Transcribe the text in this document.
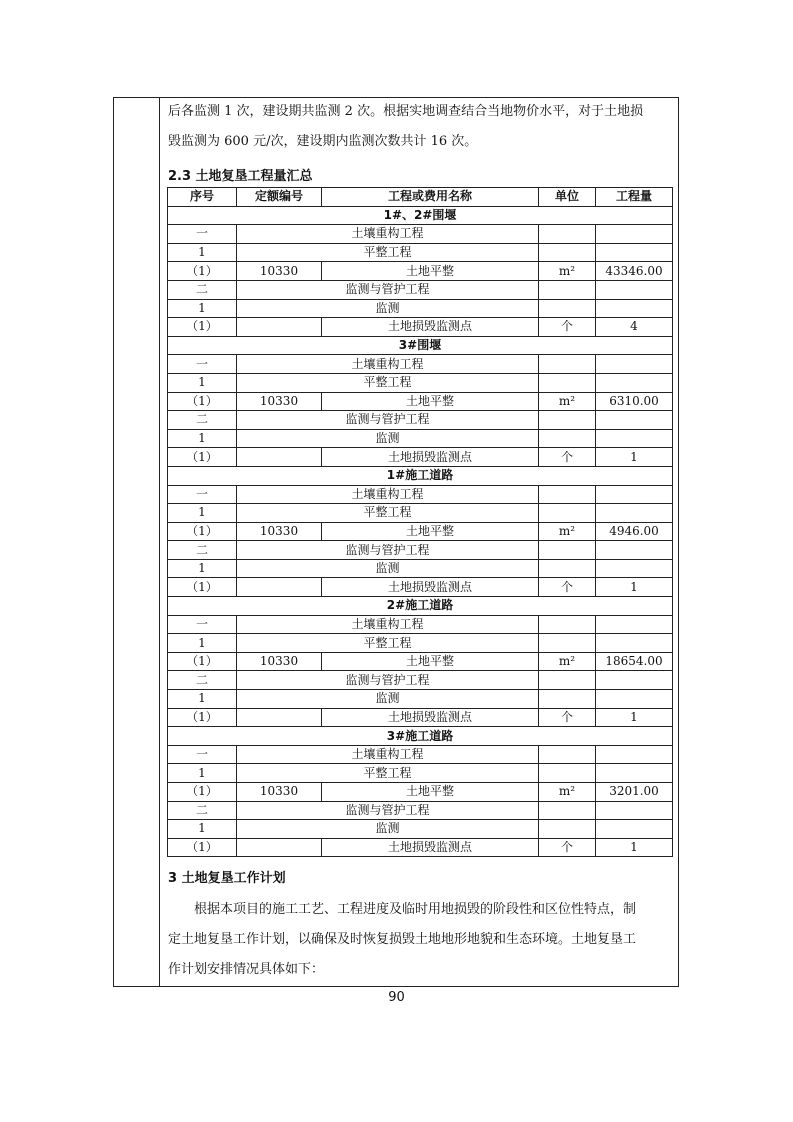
后各监测 1 次，建设期共监测 2 次。根据实地调查结合当地物价水平，对于土地损

毁监测为 600 元/次，建设期内监测次数共计 16 次。

2.3 土地复垦工程量汇总

序号	定额编号	工程或费用名称	单位	工程量
1#、2#围堰				
一	土壤重构工程			
1	平整工程			
（1）	10330	土地平整	m²	43346.00
二	监测与管护工程			
1	监测			
（1）		土地损毁监测点	个	4
3#围堰				
一	土壤重构工程			
1	平整工程			
（1）	10330	土地平整	m²	6310.00
二	监测与管护工程			
1	监测			
（1）		土地损毁监测点	个	1
1#施工道路				
一	土壤重构工程			
1	平整工程			
（1）	10330	土地平整	m²	4946.00
二	监测与管护工程			
1	监测			
（1）		土地损毁监测点	个	1
2#施工道路				
一	土壤重构工程			
1	平整工程			
（1）	10330	土地平整	m²	18654.00
二	监测与管护工程			
1	监测			
（1）		土地损毁监测点	个	1
3#施工道路				
一	土壤重构工程			
1	平整工程			
（1）	10330	土地平整	m²	3201.00
二	监测与管护工程			
1	监测			
（1）		土地损毁监测点	个	1

3 土地复垦工作计划

根据本项目的施工工艺、工程进度及临时用地损毁的阶段性和区位性特点，制

定土地复垦工作计划，以确保及时恢复损毁土地地形地貌和生态环境。土地复垦工

作计划安排情况具体如下：

90
